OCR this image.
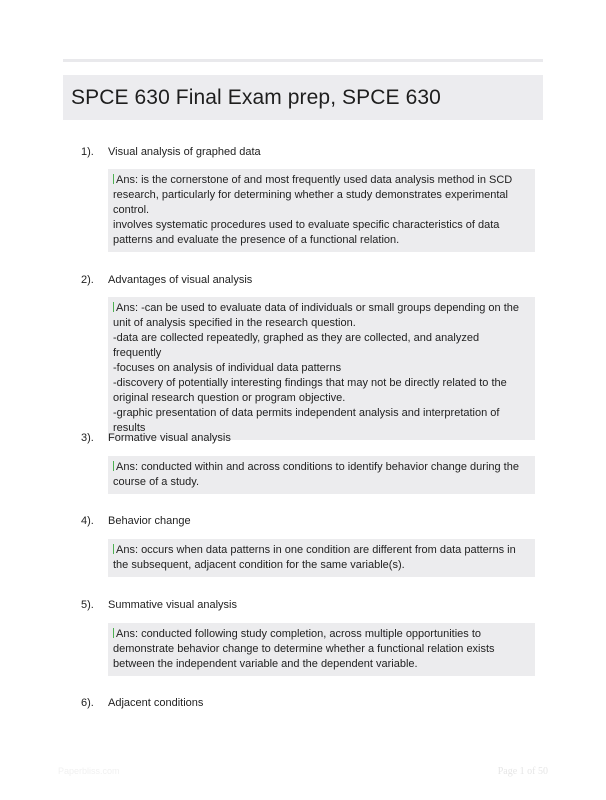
SPCE 630 Final Exam prep, SPCE 630
1). Visual analysis of graphed data

Ans: is the cornerstone of and most frequently used data analysis method in SCD research, particularly for determining whether a study demonstrates experimental control.

involves systematic procedures used to evaluate specific characteristics of data patterns and evaluate the presence of a functional relation.

2). Advantages of visual analysis

Ans: -can be used to evaluate data of individuals or small groups depending on the unit of analysis specified in the research question.

-data are collected repeatedly, graphed as they are collected, and analyzed frequently

-focuses on analysis of individual data patterns

-discovery of potentially interesting findings that may not be directly related to the original research question or program objective.

-graphic presentation of data permits independent analysis and interpretation of results

3). Formative visual analysis

Ans: conducted within and across conditions to identify behavior change during the course of a study.

4). Behavior change

Ans: occurs when data patterns in one condition are different from data patterns in the subsequent, adjacent condition for the same variable(s).

5). Summative visual analysis

Ans: conducted following study completion, across multiple opportunities to demonstrate behavior change to determine whether a functional relation exists between the independent variable and the dependent variable.

6). Adjacent conditions
Paperbliss.com	Page 1 of 50
